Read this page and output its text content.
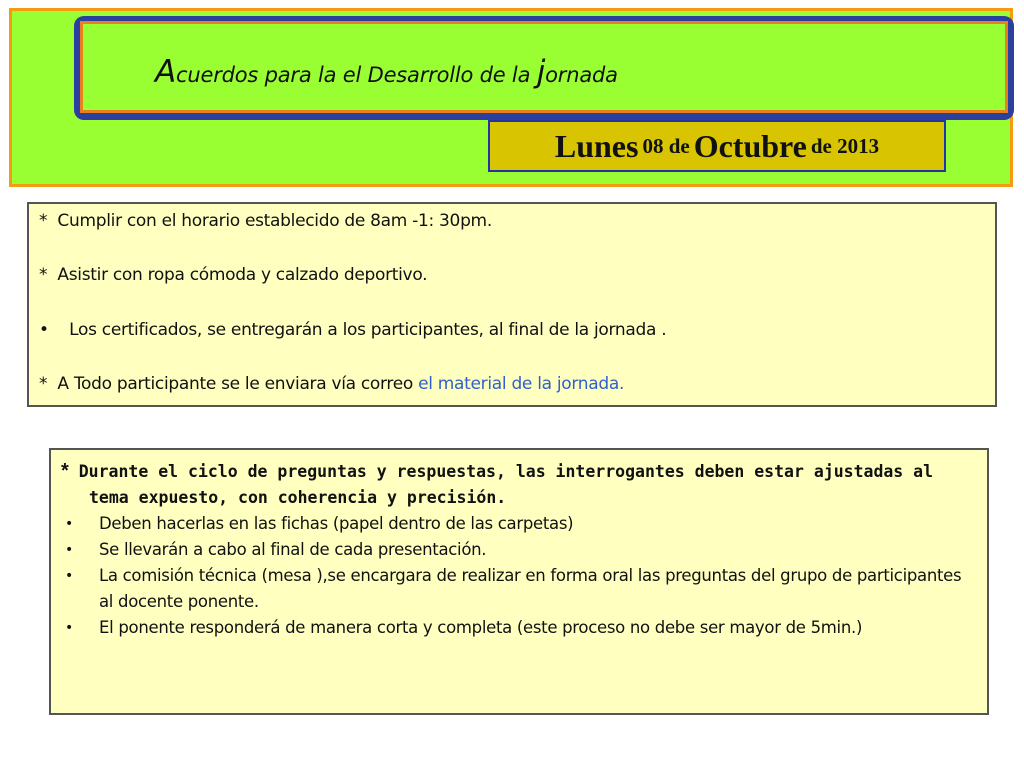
Acuerdos para la el Desarrollo de la jornada
Lunes
08 de
Octubre
de 2013
* Cumplir con el horario establecido de 8am -1: 30pm.
* Asistir con ropa cómoda y calzado deportivo.
• Los certificados, se entregarán a los participantes, al final de la jornada .
* A Todo participante se le enviara vía correo el material de la jornada.
* Durante el ciclo de preguntas y respuestas, las interrogantes deben estar ajustadas al tema expuesto, con coherencia y precisión.
• Deben hacerlas en las fichas (papel dentro de las carpetas)
• Se llevarán a cabo al final de cada presentación.
• La comisión técnica (mesa ),se encargara de realizar en forma oral las preguntas del grupo de participantes al docente ponente.
• El ponente responderá de manera corta y completa (este proceso no debe ser mayor de 5min.)
